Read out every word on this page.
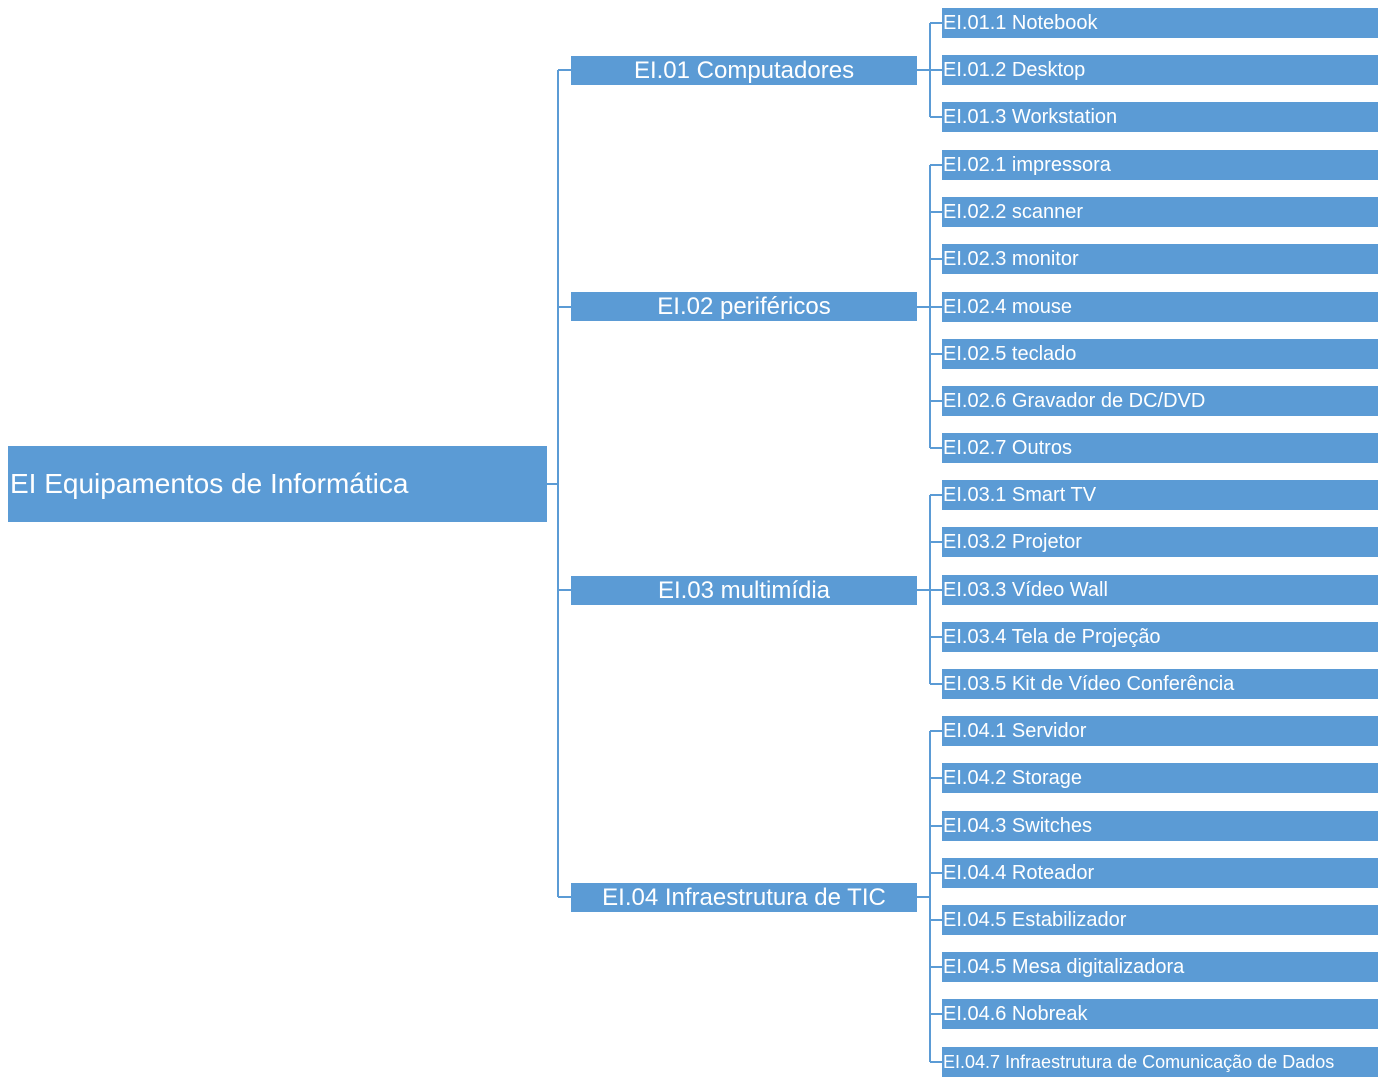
EI Equipamentos de Informática
EI.01 Computadores
EI.02 periféricos
EI.03 multimídia
EI.04 Infraestrutura de TIC
EI.01.1 Notebook
EI.01.2 Desktop
EI.01.3 Workstation
EI.02.1 impressora
EI.02.2 scanner
EI.02.3 monitor
EI.02.4 mouse
EI.02.5 teclado
EI.02.6 Gravador de DC/DVD
EI.02.7 Outros
EI.03.1 Smart TV
EI.03.2 Projetor
EI.03.3 Vídeo Wall
EI.03.4 Tela de Projeção
EI.03.5 Kit de Vídeo Conferência
EI.04.1 Servidor
EI.04.2 Storage
EI.04.3 Switches
EI.04.4 Roteador
EI.04.5 Estabilizador
EI.04.5 Mesa digitalizadora
EI.04.6 Nobreak
EI.04.7 Infraestrutura de Comunicação de Dados
